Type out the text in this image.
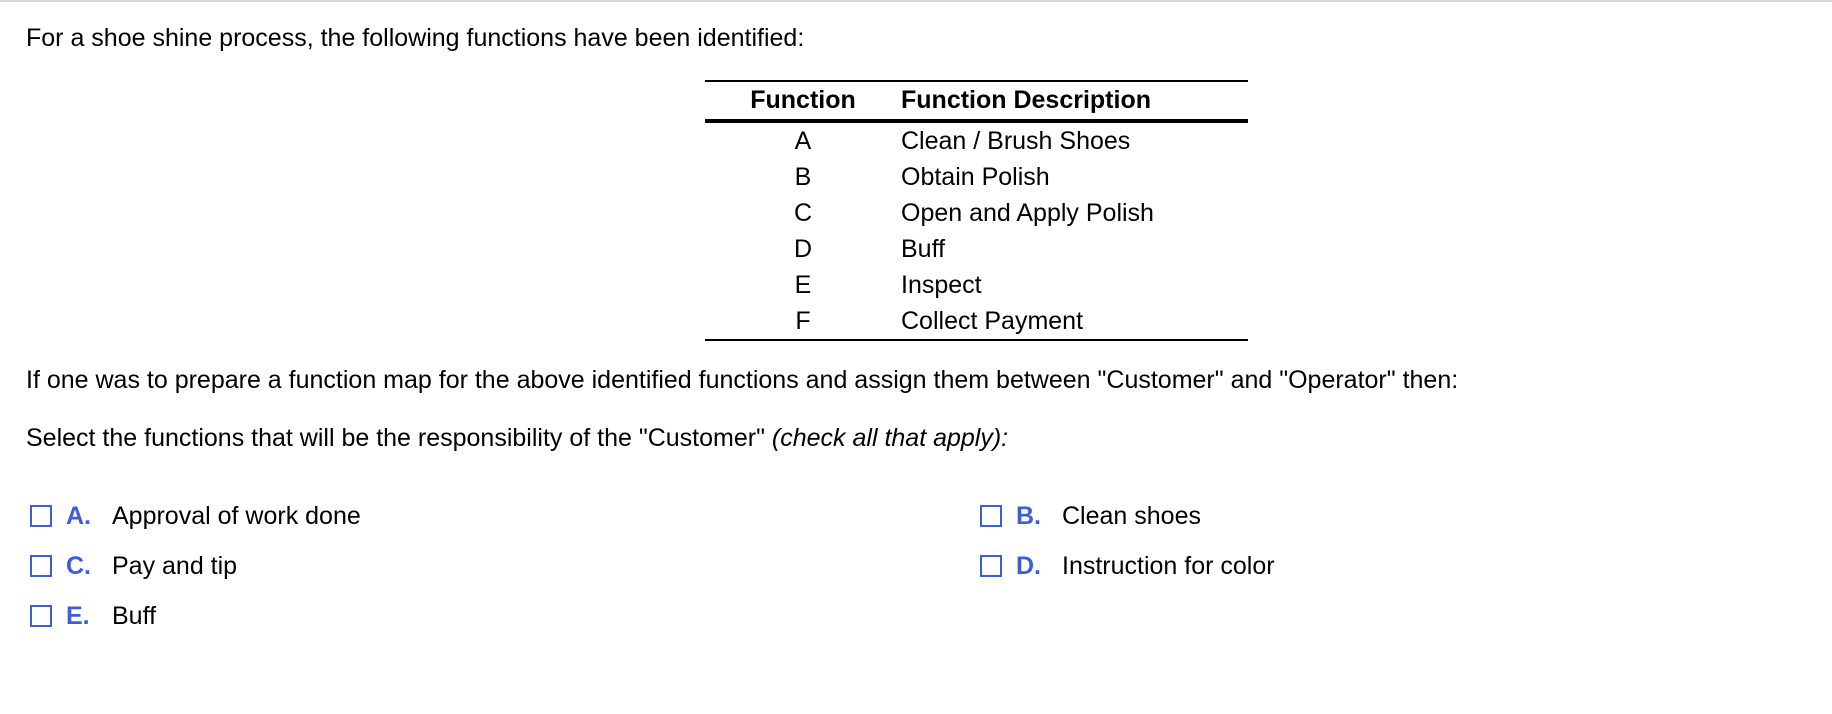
For a shoe shine process, the following functions have been identified:

Function	Function Description
A	Clean / Brush Shoes
B	Obtain Polish
C	Open and Apply Polish
D	Buff
E	Inspect
F	Collect Payment

If one was to prepare a function map for the above identified functions and assign them between "Customer" and "Operator" then:

Select the functions that will be the responsibility of the "Customer" (check all that apply):

A. Approval of work done	B. Clean shoes
C. Pay and tip	D. Instruction for color
E. Buff
